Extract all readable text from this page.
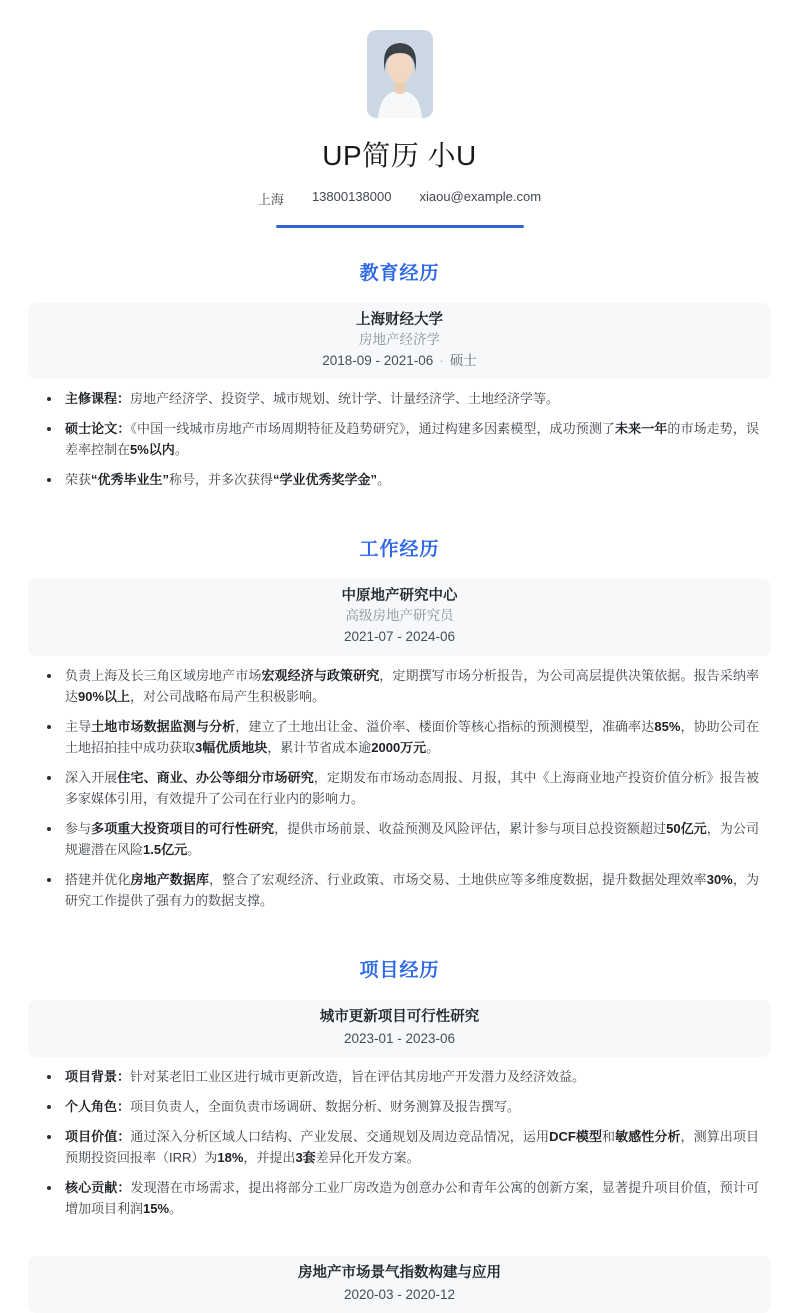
UP简历 小U
上海 13800138000 xiaou@example.com
教育经历
上海财经大学
房地产经济学
2018-09 - 2021-06 · 硕士
主修课程：房地产经济学、投资学、城市规划、统计学、计量经济学、土地经济学等。
硕士论文：《中国一线城市房地产市场周期特征及趋势研究》，通过构建多因素模型，成功预测了未来一年的市场走势，误差率控制在5%以内。
荣获“优秀毕业生”称号，并多次获得“学业优秀奖学金”。
工作经历
中原地产研究中心
高级房地产研究员
2021-07 - 2024-06
负责上海及长三角区域房地产市场宏观经济与政策研究，定期撰写市场分析报告，为公司高层提供决策依据。报告采纳率达90%以上，对公司战略布局产生积极影响。
主导土地市场数据监测与分析，建立了土地出让金、溢价率、楼面价等核心指标的预测模型，准确率达85%，协助公司在土地招拍挂中成功获取3幅优质地块，累计节省成本逾2000万元。
深入开展住宅、商业、办公等细分市场研究，定期发布市场动态周报、月报，其中《上海商业地产投资价值分析》报告被多家媒体引用，有效提升了公司在行业内的影响力。
参与多项重大投资项目的可行性研究，提供市场前景、收益预测及风险评估，累计参与项目总投资额超过50亿元，为公司规避潜在风险1.5亿元。
搭建并优化房地产数据库，整合了宏观经济、行业政策、市场交易、土地供应等多维度数据，提升数据处理效率30%，为研究工作提供了强有力的数据支撑。
项目经历
城市更新项目可行性研究
2023-01 - 2023-06
项目背景：针对某老旧工业区进行城市更新改造，旨在评估其房地产开发潜力及经济效益。
个人角色：项目负责人，全面负责市场调研、数据分析、财务测算及报告撰写。
项目价值：通过深入分析区域人口结构、产业发展、交通规划及周边竞品情况，运用DCF模型和敏感性分析，测算出项目预期投资回报率（IRR）为18%，并提出3套差异化开发方案。
核心贡献：发现潜在市场需求，提出将部分工业厂房改造为创意办公和青年公寓的创新方案，显著提升项目价值，预计可增加项目利润15%。
房地产市场景气指数构建与应用
2020-03 - 2020-12
